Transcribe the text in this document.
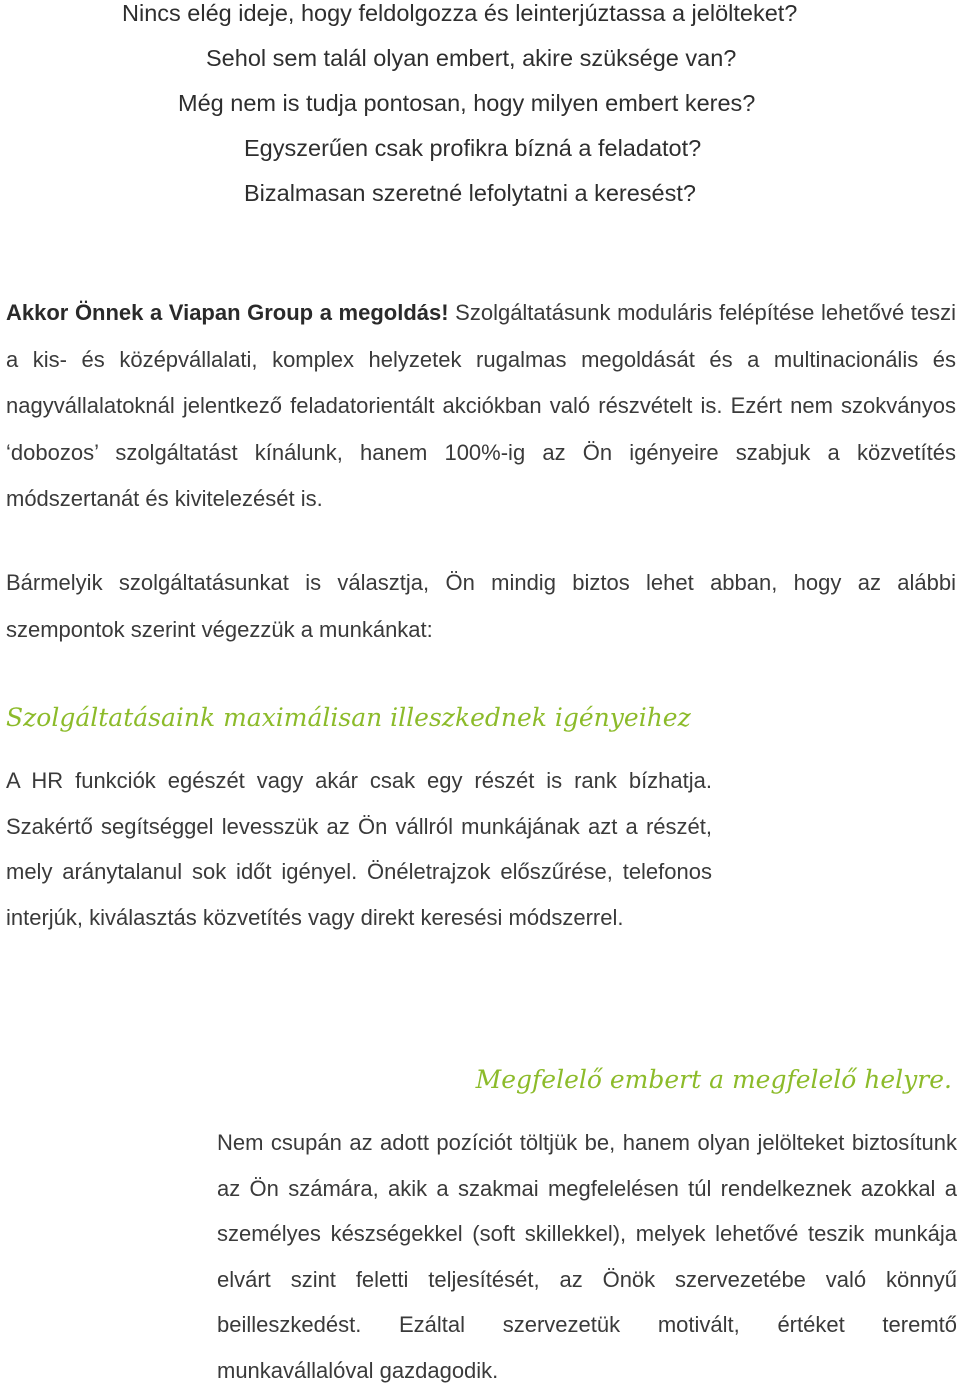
Nincs elég ideje, hogy feldolgozza és leinterjúztassa a jelölteket?

Sehol sem talál olyan embert, akire szüksége van?

Még nem is tudja pontosan, hogy milyen embert keres?

Egyszerűen csak profikra bízná a feladatot?

Bizalmasan szeretné lefolytatni a keresést?

Akkor Önnek a Viapan Group a megoldás! Szolgáltatásunk moduláris felépítése lehetővé teszi a kis- és középvállalati, komplex helyzetek rugalmas megoldását és a multinacionális és nagyvállalatoknál jelentkező feladatorientált akciókban való részvételt is. Ezért nem szokványos ‘dobozos’ szolgáltatást kínálunk, hanem 100%-ig az Ön igényeire szabjuk a közvetítés módszertanát és kivitelezését is.

Bármelyik szolgáltatásunkat is választja, Ön mindig biztos lehet abban, hogy az alábbi szempontok szerint végezzük a munkánkat:

Szolgáltatásaink maximálisan illeszkednek igényeihez

A HR funkciók egészét vagy akár csak egy részét is rank bízhatja. Szakértő segítséggel levesszük az Ön vállról munkájának azt a részét, mely aránytalanul sok időt igényel. Önéletrajzok előszűrése, telefonos interjúk, kiválasztás közvetítés vagy direkt keresési módszerrel.

Megfelelő embert a megfelelő helyre.

Nem csupán az adott pozíciót töltjük be, hanem olyan jelölteket biztosítunk az Ön számára, akik a szakmai megfelelésen túl rendelkeznek azokkal a személyes készségekkel (soft skillekkel), melyek lehetővé teszik munkája elvárt szint feletti teljesítését, az Önök szervezetébe való könnyű beilleszkedést. Ezáltal szervezetük motivált, értéket teremtő munkavállalóval gazdagodik.
